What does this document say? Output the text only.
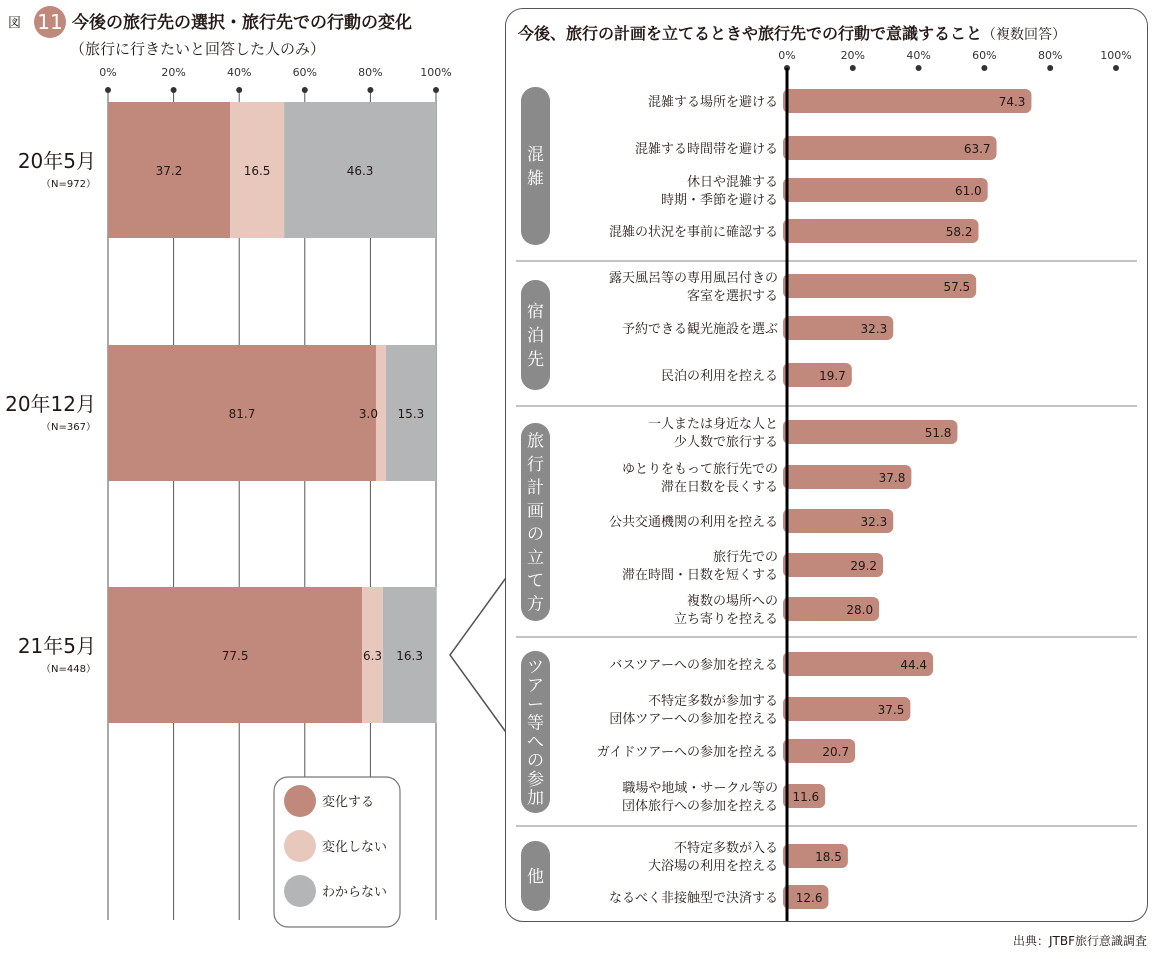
図 11 今後の旅行先の選択・旅行先での行動の変化
（旅行に行きたいと回答した人のみ）
0%	20%	40%	60%	80%	100%
37.2	16.5	46.3
20年5月
（N=972）
81.7	3.0 15.3
20年12月
（N=367）
77.5	6.3 16.3
21年5月
（N=448）
変化する
変化しない
わからない
0%	20%	40%	60%	80%	100%
混
雑
74.3
混雑する場所を避ける
63.7
混雑する時間帯を避ける
61.0
休日や混雑する
時期・季節を避ける
58.2
混雑の状況を事前に確認する
宿
泊
先
57.5
露天風呂等の専用風呂付きの
客室を選択する
32.3
予約できる観光施設を選ぶ
19.7
民泊の利用を控える
旅
行
計
画
の
立
て
方
51.8
一人または身近な人と
少人数で旅行する
37.8
ゆとりをもって旅行先での
滞在日数を長くする
32.3
公共交通機関の利用を控える
29.2
旅行先での
滞在時間・日数を短くする
28.0
複数の場所への
立ち寄りを控える
ツ
ア
ー
等
へ
の
参
加
44.4
バスツアーへの参加を控える
37.5
不特定多数が参加する
団体ツアーへの参加を控える
20.7
ガイドツアーへの参加を控える
11.6
職場や地域・サークル等の
団体旅行への参加を控える
他
18.5
不特定多数が入る
大浴場の利用を控える
12.6
なるべく非接触型で決済する
今後、旅行の計画を立てるときや旅行先での行動で意識すること（複数回答）
出典：JTBF旅行意識調査
